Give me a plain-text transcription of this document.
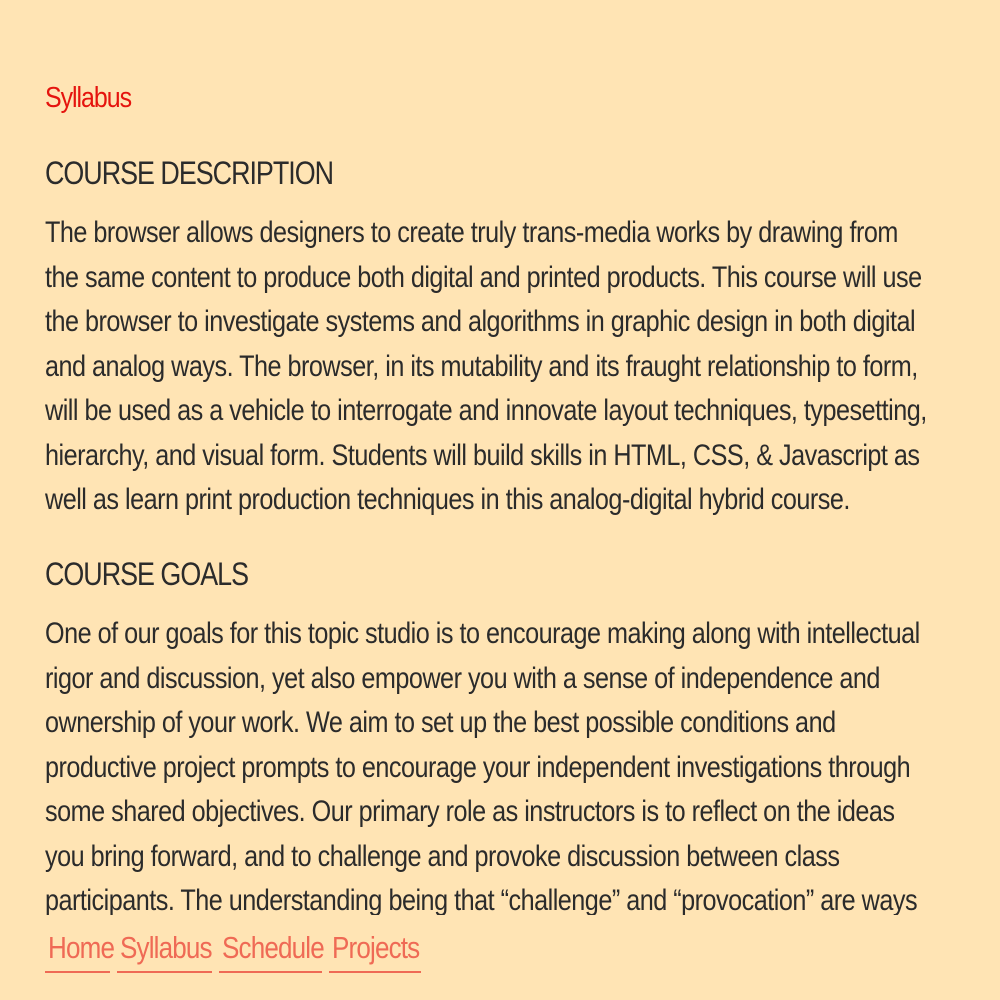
Syllabus
COURSE DESCRIPTION

The browser allows designers to create truly trans-media works by drawing from
the same content to produce both digital and printed products. This course will use
the browser to investigate systems and algorithms in graphic design in both digital
and analog ways. The browser, in its mutability and its fraught relationship to form,
will be used as a vehicle to interrogate and innovate layout techniques, typesetting,
hierarchy, and visual form. Students will build skills in HTML, CSS, & Javascript as
well as learn print production techniques in this analog-digital hybrid course.

COURSE GOALS

One of our goals for this topic studio is to encourage making along with intellectual
rigor and discussion, yet also empower you with a sense of independence and
ownership of your work. We aim to set up the best possible conditions and
productive project prompts to encourage your independent investigations through
some shared objectives. Our primary role as instructors is to reflect on the ideas
you bring forward, and to challenge and provoke discussion between class
participants. The understanding being that “challenge” and “provocation” are ways

Home Syllabus Schedule Projects
